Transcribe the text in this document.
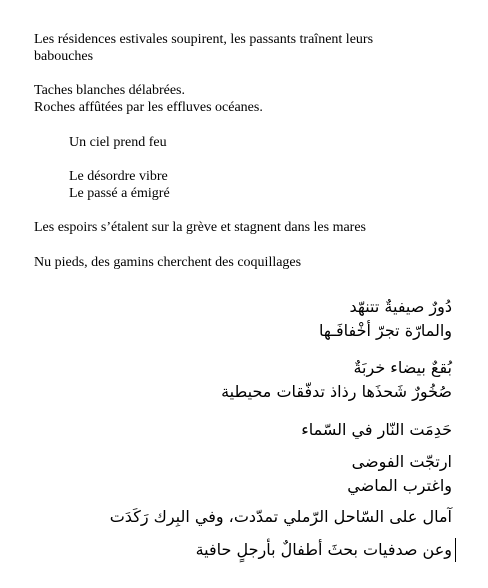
Les résidences estivales soupirent, les passants traînent leurs
babouches
Taches blanches délabrées.
Roches affûtées par les effluves océanes.
Un ciel prend feu
Le désordre vibre
Le passé a émigré
Les espoirs s’étalent sur la grève et stagnent dans les mares
Nu pieds, des gamins cherchent des coquillages
دُورٌ صيفيةٌ تتنهّد
والمارّة تجرّ أخْفافَـها
بُقعٌ بيضاء خربَةٌ
صُخُورٌ شَحذَها رذاذ تدفّقات محيطية
حَدِمَت النّار في السّماء
ارتجّت الفوضى
واغترب الماضي
آمال على السّاحل الرّملي تمدّدت، وفي البِرك رَكَدَت
وعن صدفيات بحثَ أطفالٌ بأرجلٍ حافية
